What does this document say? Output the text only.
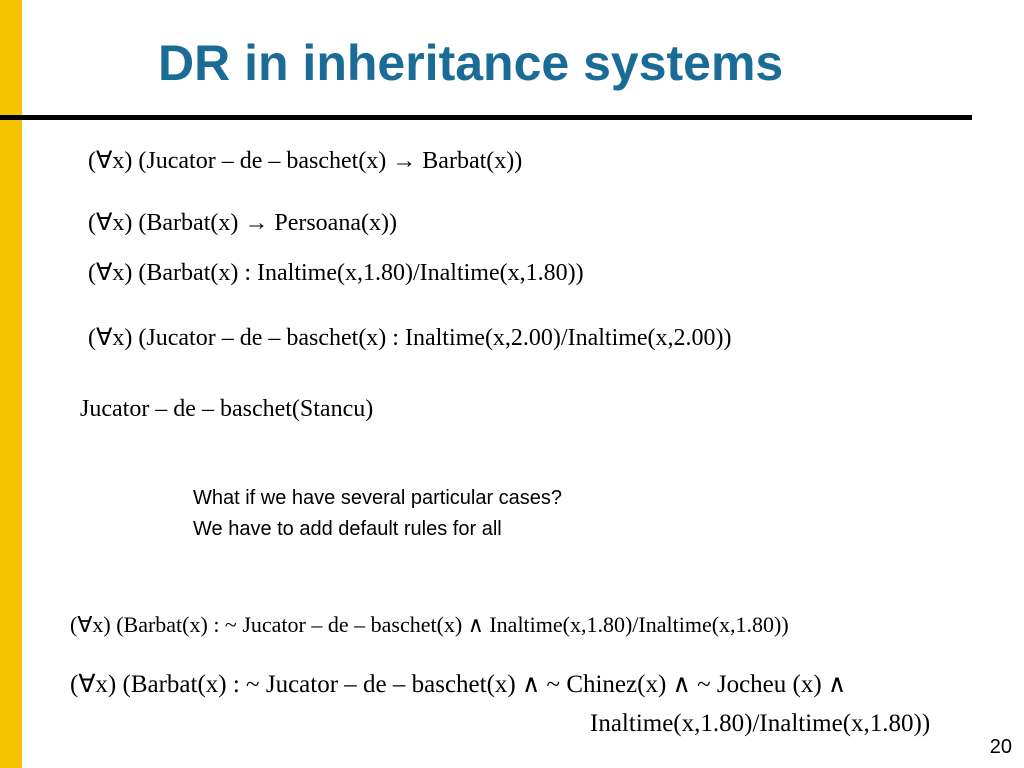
DR in inheritance systems
(∀x) (Jucator – de – baschet(x) → Barbat(x))
(∀x) (Barbat(x) → Persoana(x))
(∀x) (Barbat(x) : Inaltime(x,1.80)/Inaltime(x,1.80))
(∀x) (Jucator – de – baschet(x) : Inaltime(x,2.00)/Inaltime(x,2.00))
Jucator – de – baschet(Stancu)
What if we have several particular cases?
We have to add default rules for all
(∀x) (Barbat(x) : ~ Jucator – de – baschet(x) ∧ Inaltime(x,1.80)/Inaltime(x,1.80))
(∀x) (Barbat(x) : ~ Jucator – de – baschet(x) ∧ ~ Chinez(x) ∧ ~ Jocheu (x) ∧
Inaltime(x,1.80)/Inaltime(x,1.80))
20
